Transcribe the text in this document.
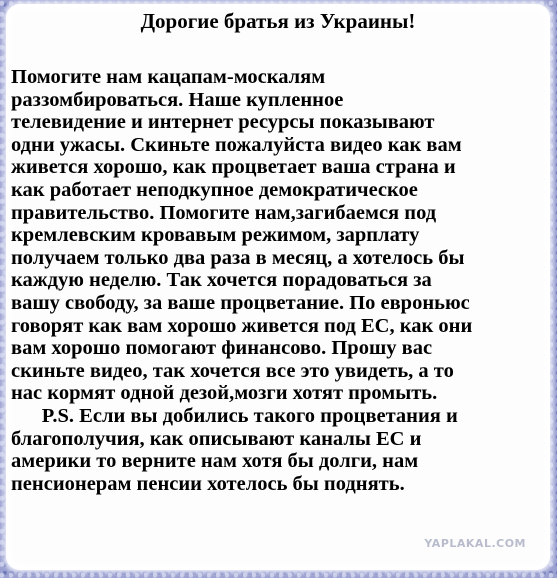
Дорогие братья из Украины!
Помогите нам кацапам-москалям
раззомбироваться. Наше купленное
телевидение и интернет ресурсы показывают
одни ужасы. Скиньте пожалуйста видео как вам
живется хорошо, как процветает ваша страна и
как работает неподкупное демократическое
правительство. Помогите нам,загибаемся под
кремлевским кровавым режимом, зарплату
получаем только два раза в месяц, а хотелось бы
каждую неделю. Так хочется порадоваться за
вашу свободу, за ваше процветание. По евроньюс
говорят как вам хорошо живется под ЕС, как они
вам хорошо помогают финансово. Прошу вас
скиньте видео, так хочется все это увидеть, а то
нас кормят одной дезой,мозги хотят промыть.
P.S. Если вы добились такого процветания и
благополучия, как описывают каналы ЕС и
америки то верните нам хотя бы долги, нам
пенсионерам пенсии хотелось бы поднять.
YAPLAKAL.COM
